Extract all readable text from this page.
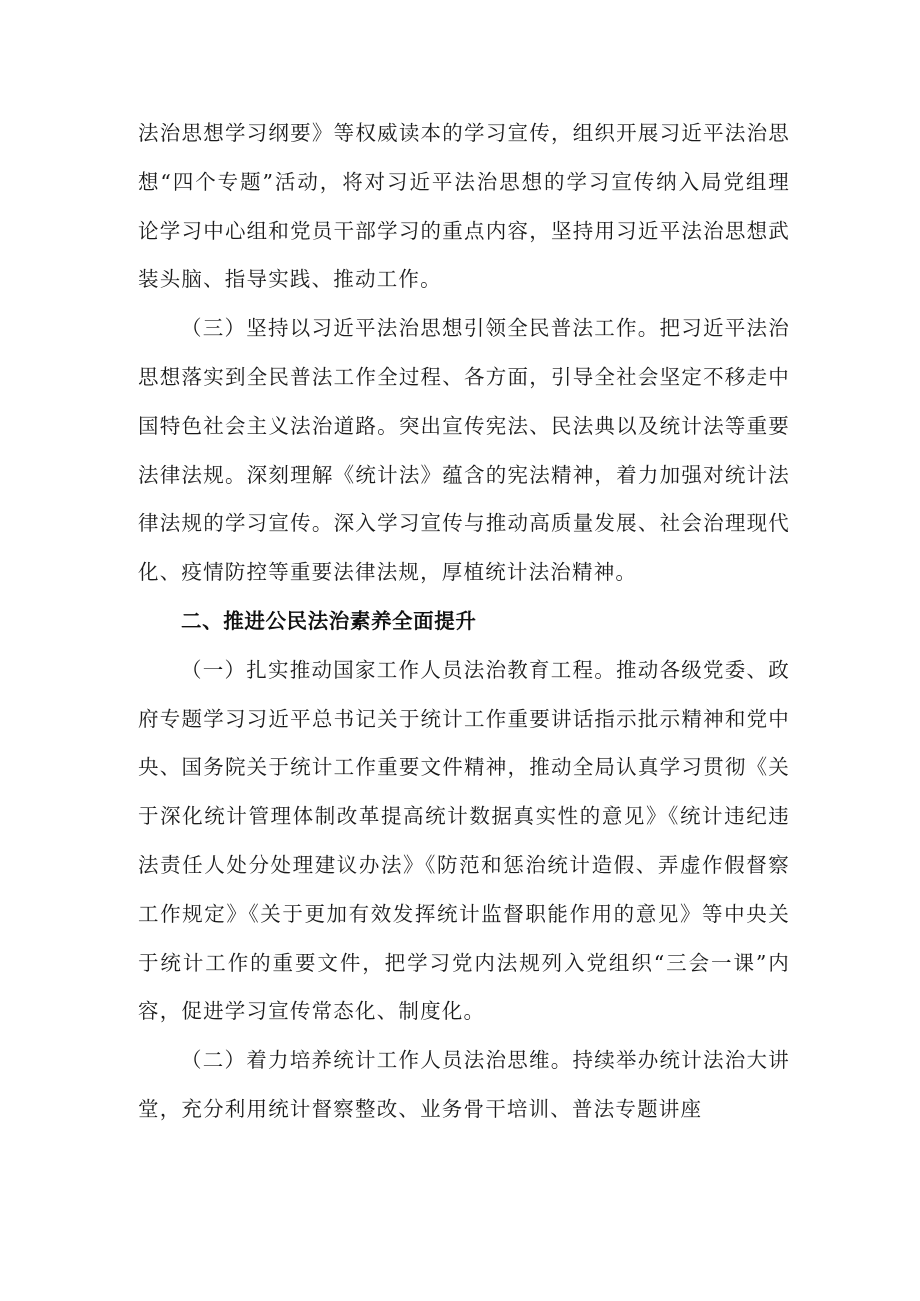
法治思想学习纲要》等权威读本的学习宣传，组织开展习近平法治思想“四个专题”活动，将对习近平法治思想的学习宣传纳入局党组理论学习中心组和党员干部学习的重点内容，坚持用习近平法治思想武装头脑、指导实践、推动工作。

（三）坚持以习近平法治思想引领全民普法工作。把习近平法治思想落实到全民普法工作全过程、各方面，引导全社会坚定不移走中国特色社会主义法治道路。突出宣传宪法、民法典以及统计法等重要法律法规。深刻理解《统计法》蕴含的宪法精神，着力加强对统计法律法规的学习宣传。深入学习宣传与推动高质量发展、社会治理现代化、疫情防控等重要法律法规，厚植统计法治精神。

二、推进公民法治素养全面提升

（一）扎实推动国家工作人员法治教育工程。推动各级党委、政府专题学习习近平总书记关于统计工作重要讲话指示批示精神和党中央、国务院关于统计工作重要文件精神，推动全局认真学习贯彻《关于深化统计管理体制改革提高统计数据真实性的意见》《统计违纪违法责任人处分处理建议办法》《防范和惩治统计造假、弄虚作假督察工作规定》《关于更加有效发挥统计监督职能作用的意见》等中央关于统计工作的重要文件，把学习党内法规列入党组织“三会一课”内容，促进学习宣传常态化、制度化。

（二）着力培养统计工作人员法治思维。持续举办统计法治大讲堂，充分利用统计督察整改、业务骨干培训、普法专题讲座
